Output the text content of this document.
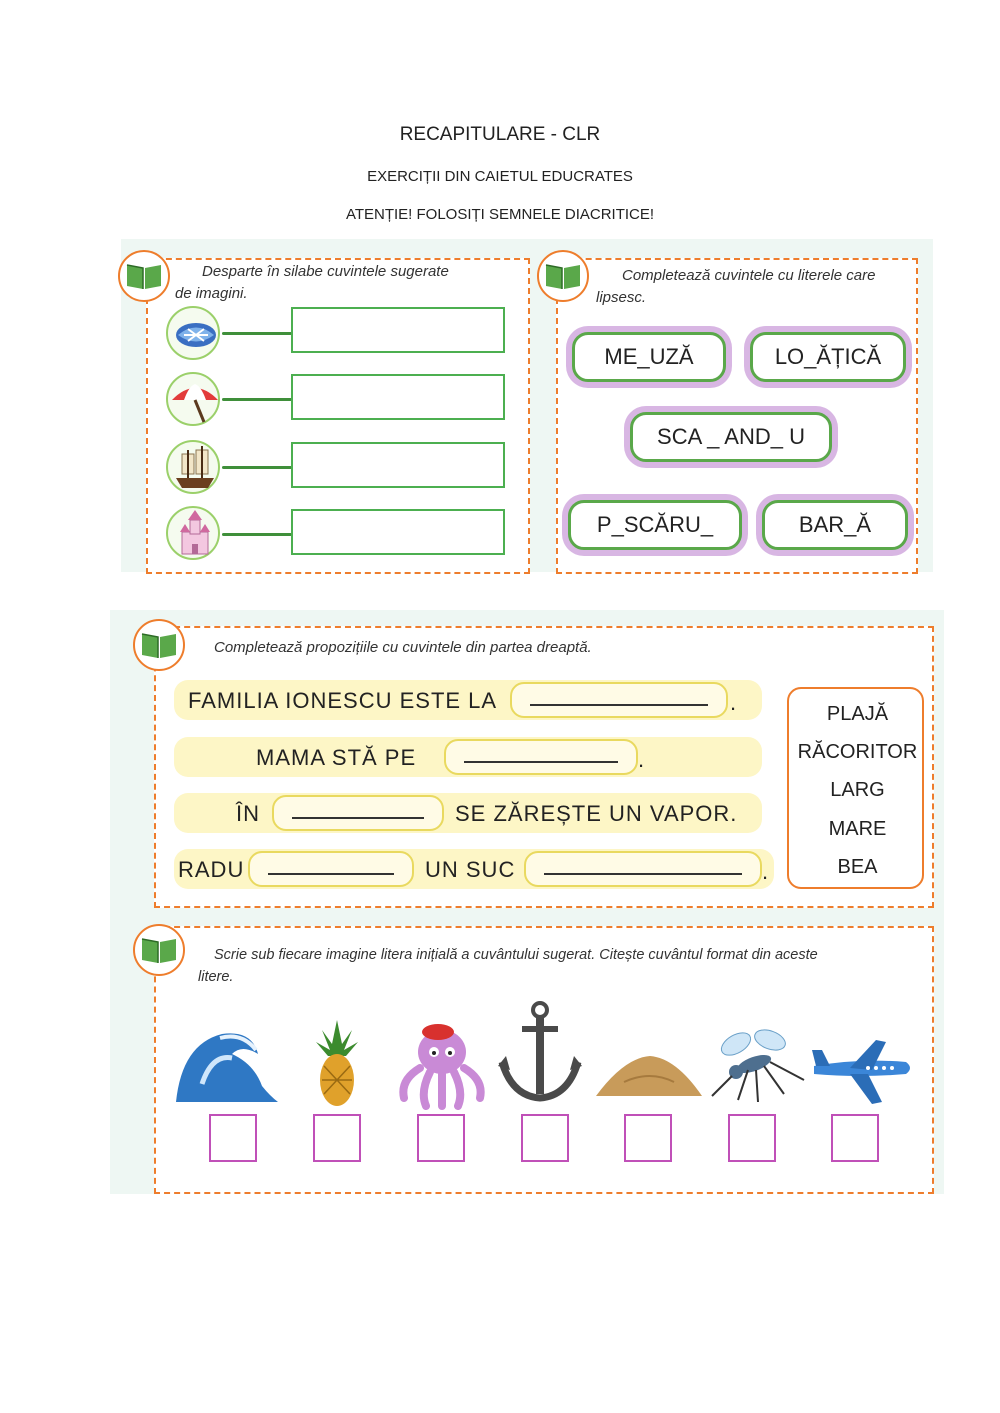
RECAPITULARE - CLR
EXERCIȚII DIN CAIETUL EDUCRATES
ATENȚIE! FOLOSIȚI SEMNELE DIACRITICE!
Desparte în silabe cuvintele sugerate
de imagini.
Completează cuvintele cu literele care
lipsesc.
ME_UZĂ	LO_ĂȚICĂ
SCA _ AND_ U
P_SCĂRU_	BAR_Ă
Completează propozițiile cu cuvintele din partea dreaptă.
FAMILIA IONESCU ESTE LA	.
MAMA STĂ PE	.
ÎN	SE ZĂREȘTE UN VAPOR.
RADU	UN SUC	.
PLAJĂ
RĂCORITOR
LARG
MARE
BEA
Scrie sub fiecare imagine litera inițială a cuvântului sugerat. Citește cuvântul format din aceste
litere.
